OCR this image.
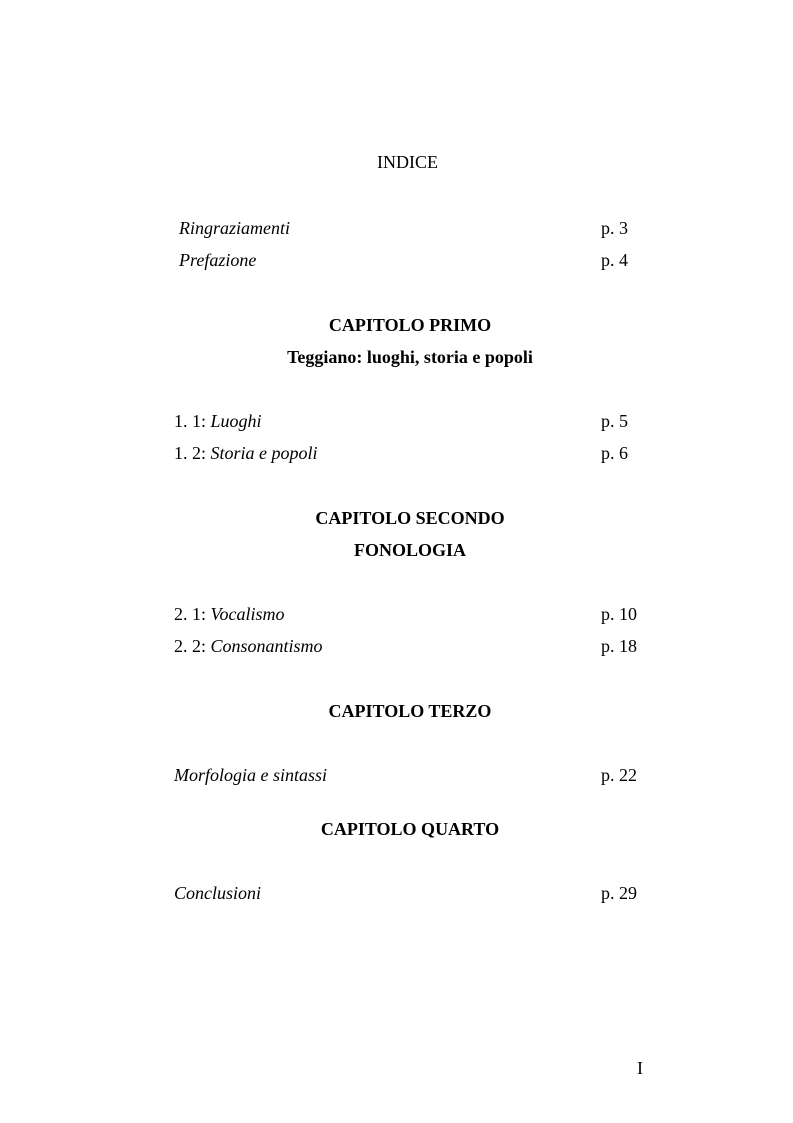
INDICE
Ringraziamenti	p. 3
Prefazione	p. 4
CAPITOLO PRIMO
Teggiano: luoghi, storia e popoli
1. 1: Luoghi	p. 5
1. 2: Storia e popoli	p. 6
CAPITOLO SECONDO
FONOLOGIA
2. 1: Vocalismo	p. 10
2. 2: Consonantismo	p. 18
CAPITOLO TERZO
Morfologia e sintassi	p. 22
CAPITOLO QUARTO
Conclusioni	p. 29
I
